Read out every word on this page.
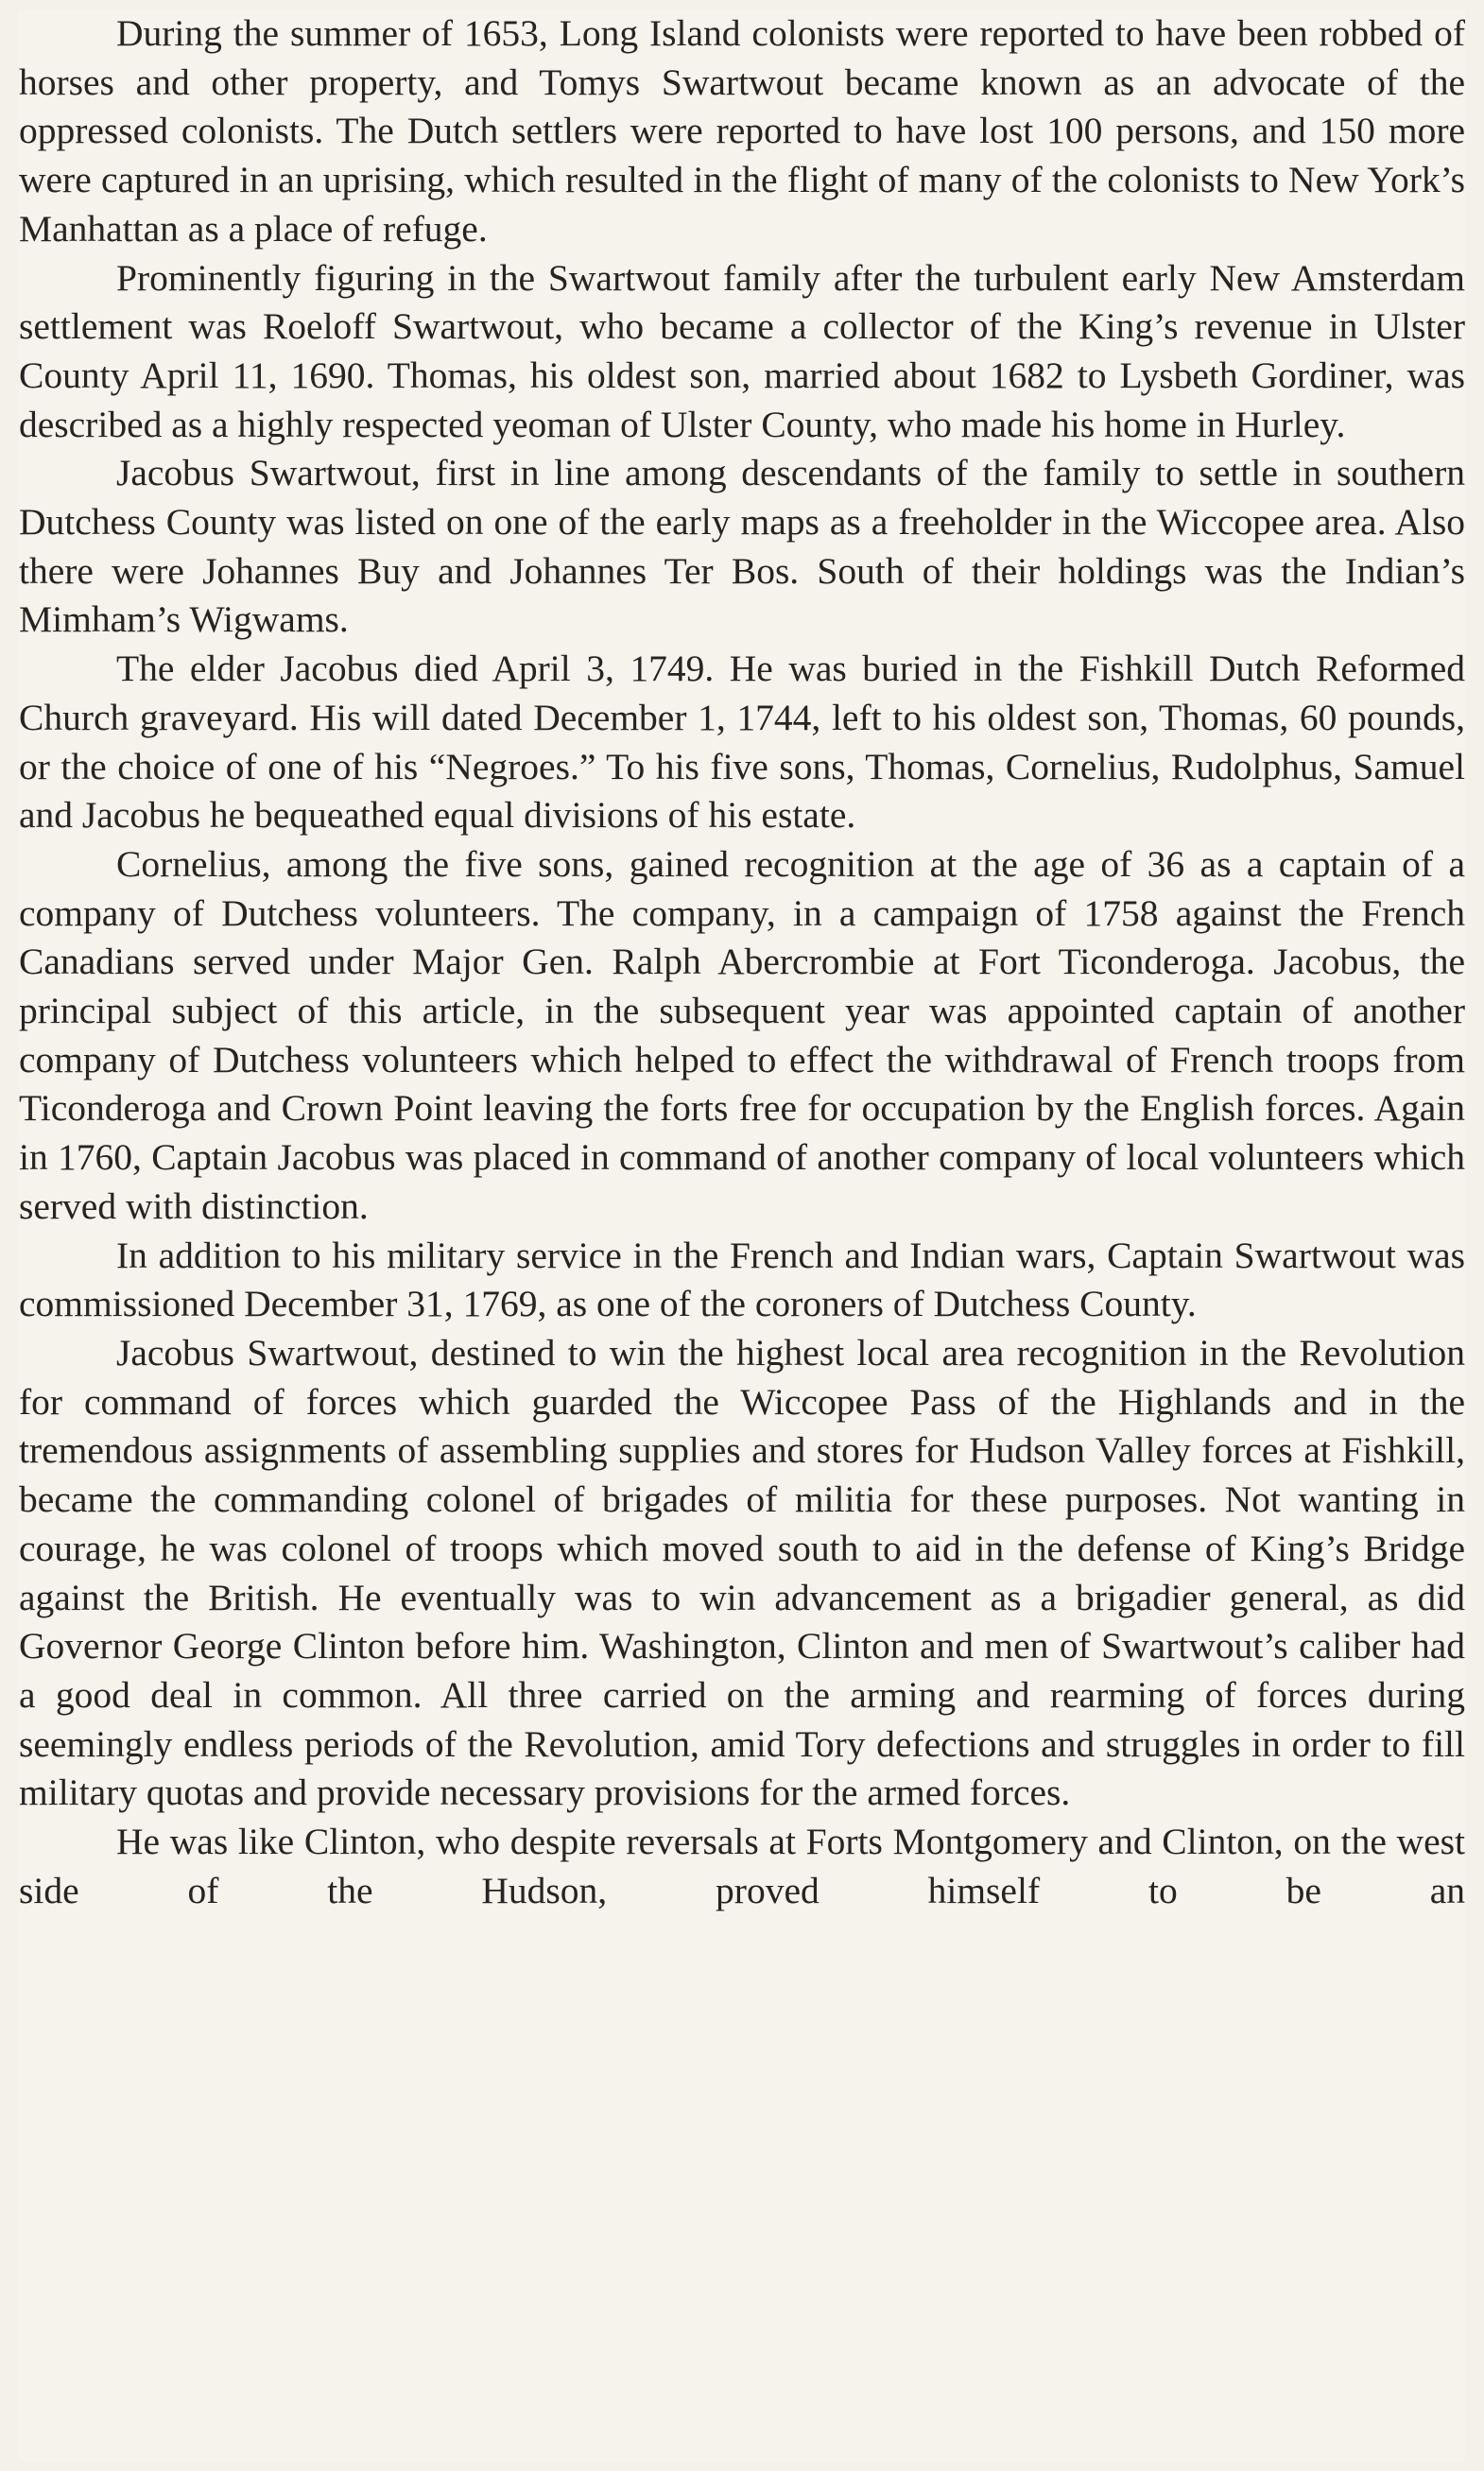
During the summer of 1653, Long Island colonists were reported to have been robbed of horses and other property, and Tomys Swartwout became known as an advocate of the oppressed colonists. The Dutch settlers were reported to have lost 100 persons, and 150 more were captured in an uprising, which resulted in the flight of many of the colonists to New York’s Manhattan as a place of refuge.

Prominently figuring in the Swartwout family after the turbulent early New Amsterdam settlement was Roeloff Swartwout, who became a collector of the King’s revenue in Ulster County April 11, 1690. Thomas, his oldest son, married about 1682 to Lysbeth Gordiner, was described as a highly respected yeoman of Ulster County, who made his home in Hurley.

Jacobus Swartwout, first in line among descendants of the family to settle in southern Dutchess County was listed on one of the early maps as a freeholder in the Wiccopee area. Also there were Johannes Buy and Johannes Ter Bos. South of their holdings was the Indian’s Mimham’s Wigwams.

The elder Jacobus died April 3, 1749. He was buried in the Fishkill Dutch Reformed Church graveyard. His will dated December 1, 1744, left to his oldest son, Thomas, 60 pounds, or the choice of one of his “Negroes.” To his five sons, Thomas, Cornelius, Rudolphus, Samuel and Jacobus he bequeathed equal divisions of his estate.

Cornelius, among the five sons, gained recognition at the age of 36 as a captain of a company of Dutchess volunteers. The company, in a campaign of 1758 against the French Canadians served under Major Gen. Ralph Abercrombie at Fort Ticonderoga. Jacobus, the principal subject of this article, in the subsequent year was appointed captain of another company of Dutchess volunteers which helped to effect the withdrawal of French troops from Ticonderoga and Crown Point leaving the forts free for occupation by the English forces. Again in 1760, Captain Jacobus was placed in command of another company of local volunteers which served with distinction.

In addition to his military service in the French and Indian wars, Captain Swartwout was commissioned December 31, 1769, as one of the coroners of Dutchess County.

Jacobus Swartwout, destined to win the highest local area recognition in the Revolution for command of forces which guarded the Wiccopee Pass of the Highlands and in the tremendous assignments of assembling supplies and stores for Hudson Valley forces at Fishkill, became the commanding colonel of brigades of militia for these purposes. Not wanting in courage, he was colonel of troops which moved south to aid in the defense of King’s Bridge against the British. He eventually was to win advancement as a brigadier general, as did Governor George Clinton before him. Washington, Clinton and men of Swartwout’s caliber had a good deal in common. All three carried on the arming and rearming of forces during seemingly endless periods of the Revolution, amid Tory defections and struggles in order to fill military quotas and provide necessary provisions for the armed forces.

He was like Clinton, who despite reversals at Forts Montgomery and Clinton, on the west side of the Hudson, proved himself to be an
